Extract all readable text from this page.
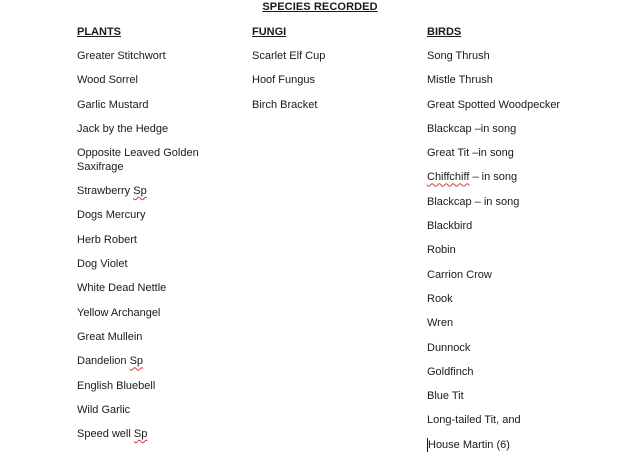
SPECIES RECORDED
PLANTS
Greater Stitchwort
Wood Sorrel
Garlic Mustard
Jack by the Hedge
Opposite Leaved Golden Saxifrage
Strawberry Sp
Dogs Mercury
Herb Robert
Dog Violet
White Dead Nettle
Yellow Archangel
Great Mullein
Dandelion Sp
English Bluebell
Wild Garlic
Speed well Sp
FUNGI
Scarlet Elf Cup
Hoof Fungus
Birch Bracket
BIRDS
Song Thrush
Mistle Thrush
Great Spotted Woodpecker
Blackcap –in song
Great Tit –in song
Chiffchiff – in song
Blackcap – in song
Blackbird
Robin
Carrion Crow
Rook
Wren
Dunnock
Goldfinch
Blue Tit
Long-tailed Tit, and
House Martin (6)
